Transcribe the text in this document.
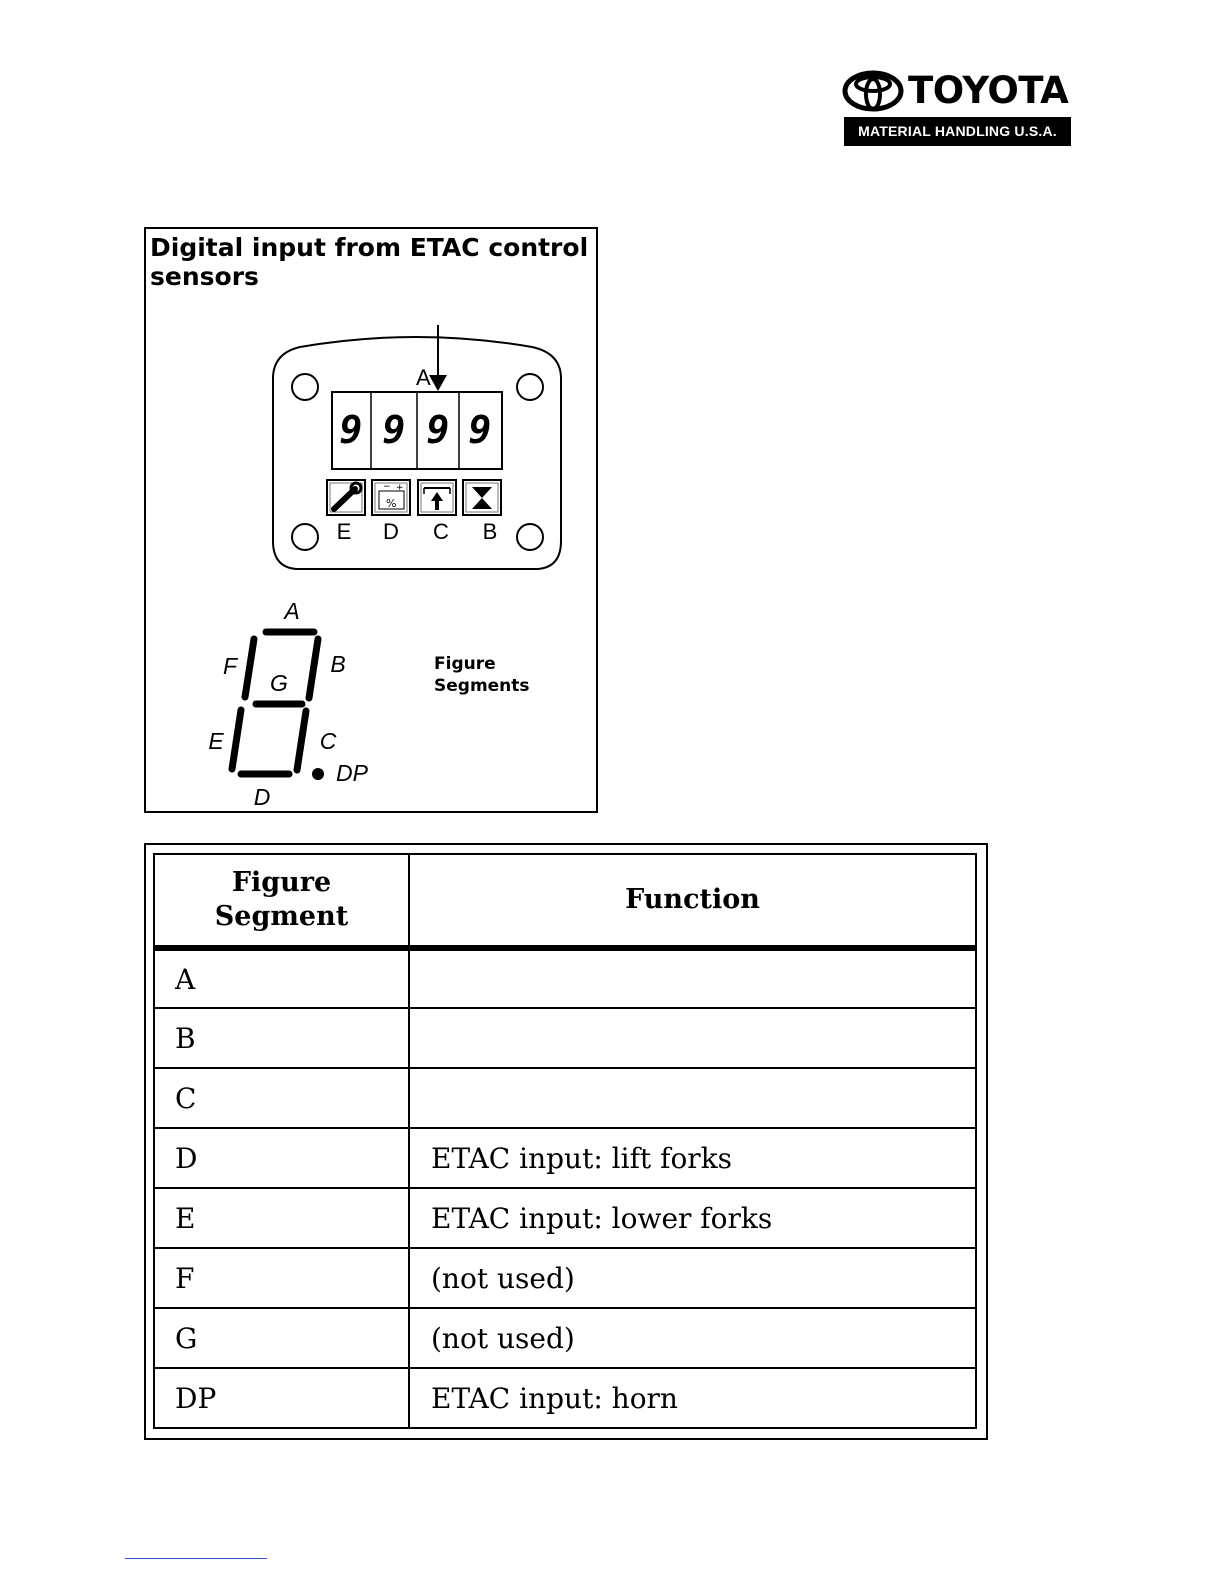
TOYOTA
MATERIAL HANDLING U.S.A.

Digital input from ETAC control sensors

A
9 9 9 9
− +
%
E D C B
A
B
C
D
E
F
G
DP
Figure
Segments
Figure
Segment	Function
A	
B	
C	
D	ETAC input: lift forks
E	ETAC input: lower forks
F	(not used)
G	(not used)
DP	ETAC input: horn
